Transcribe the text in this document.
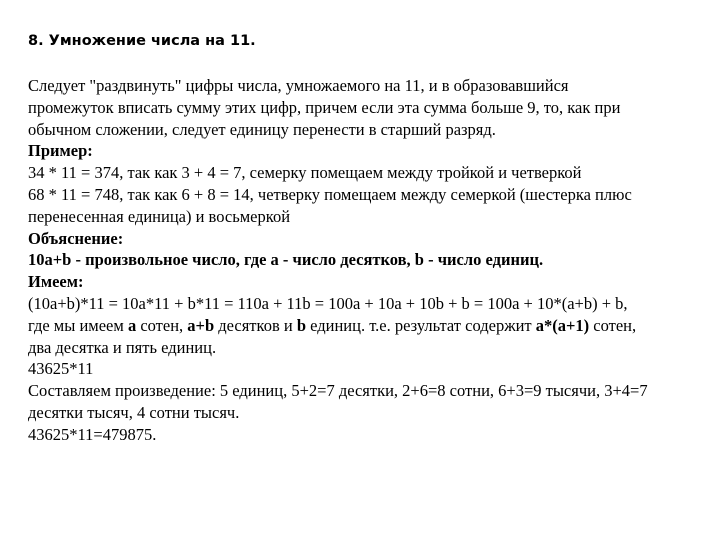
8. Умножение числа на 11.
Следует "раздвинуть" цифры числа, умножаемого на 11, и в образовавшийся
промежуток вписать сумму этих цифр, причем если эта сумма больше 9, то, как при
обычном сложении, следует единицу перенести в старший разряд.
Пример:
34 * 11 = 374, так как 3 + 4 = 7, семерку помещаем между тройкой и четверкой
68 * 11 = 748, так как 6 + 8 = 14, четверку помещаем между семеркой (шестерка плюс
перенесенная единица) и восьмеркой
Объяснение:
10a+b - произвольное число, где a - число десятков, b - число единиц.
Имеем:
(10a+b)*11 = 10a*11 + b*11 = 110a + 11b = 100a + 10a + 10b + b = 100a + 10*(a+b) + b,
где мы имеем a сотен, a+b десятков и b единиц. т.е. результат содержит a*(a+1) сотен,
два десятка и пять единиц.
43625*11
Составляем произведение: 5 единиц, 5+2=7 десятки, 2+6=8 сотни, 6+3=9 тысячи, 3+4=7
десятки тысяч, 4 сотни тысяч.
43625*11=479875.
